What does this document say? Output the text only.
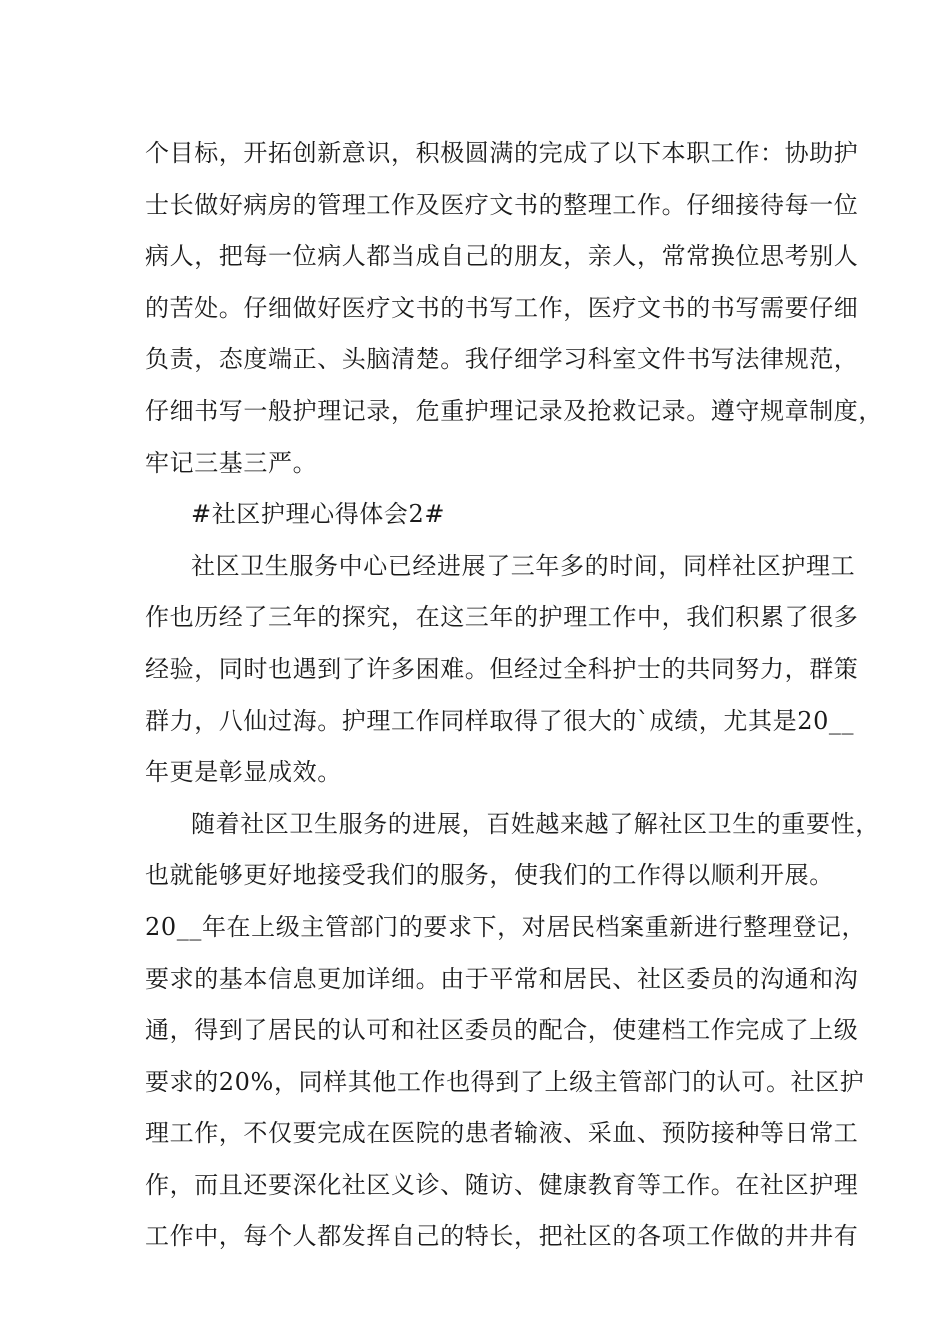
个目标，开拓创新意识，积极圆满的完成了以下本职工作：协助护
士长做好病房的管理工作及医疗文书的整理工作。仔细接待每一位
病人，把每一位病人都当成自己的朋友，亲人，常常换位思考别人
的苦处。仔细做好医疗文书的书写工作，医疗文书的书写需要仔细
负责，态度端正、头脑清楚。我仔细学习科室文件书写法律规范，
仔细书写一般护理记录，危重护理记录及抢救记录。遵守规章制度，
牢记三基三严。
#社区护理心得体会2#
社区卫生服务中心已经进展了三年多的时间，同样社区护理工
作也历经了三年的探究，在这三年的护理工作中，我们积累了很多
经验，同时也遇到了许多困难。但经过全科护士的共同努力，群策
群力，八仙过海。护理工作同样取得了很大的`成绩，尤其是20__
年更是彰显成效。
随着社区卫生服务的进展，百姓越来越了解社区卫生的重要性，
也就能够更好地接受我们的服务，使我们的工作得以顺利开展。
20__年在上级主管部门的要求下，对居民档案重新进行整理登记，
要求的基本信息更加详细。由于平常和居民、社区委员的沟通和沟
通，得到了居民的认可和社区委员的配合，使建档工作完成了上级
要求的20%，同样其他工作也得到了上级主管部门的认可。社区护
理工作，不仅要完成在医院的患者输液、采血、预防接种等日常工
作，而且还要深化社区义诊、随访、健康教育等工作。在社区护理
工作中，每个人都发挥自己的特长，把社区的各项工作做的井井有
